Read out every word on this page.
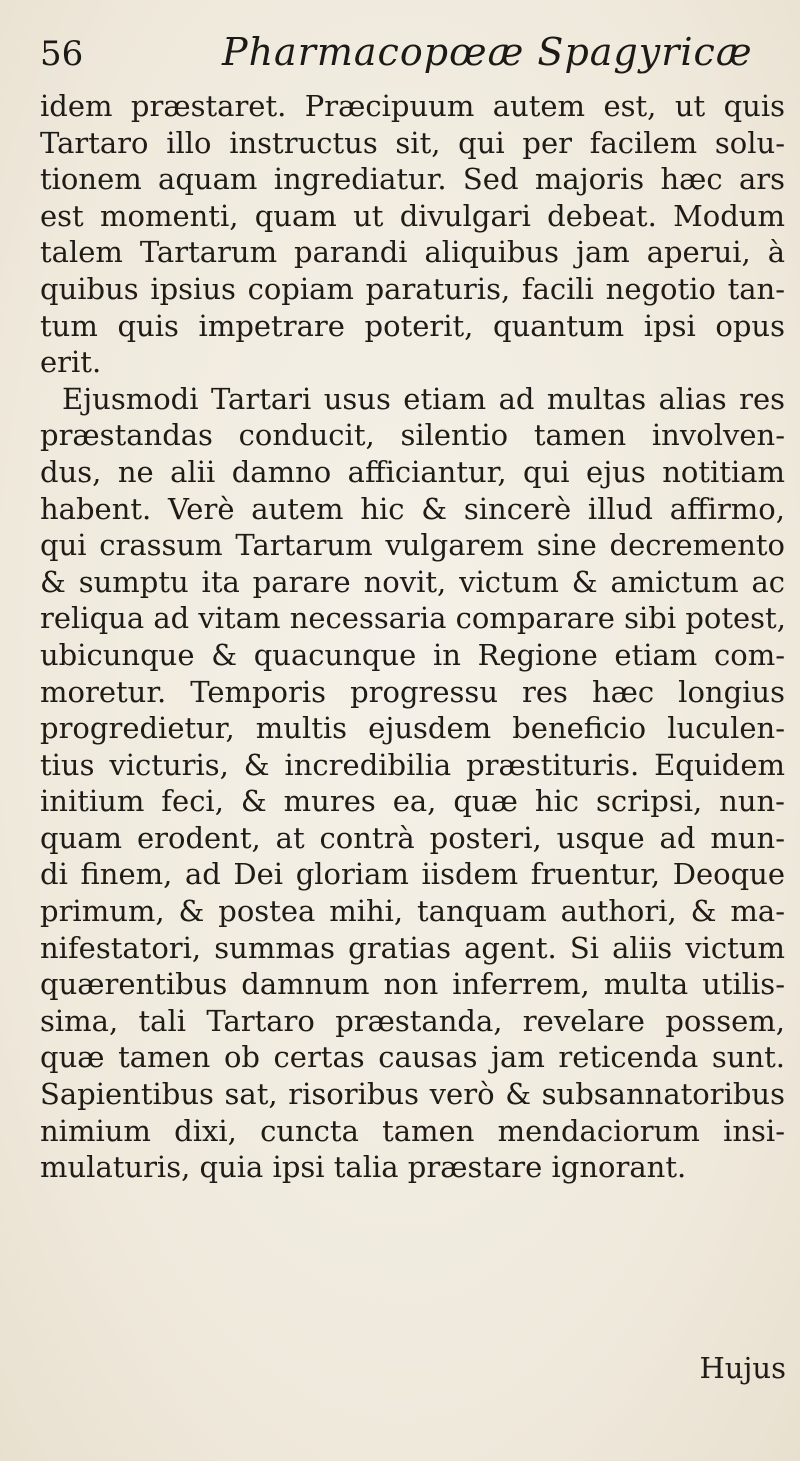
56	Pharmacopœæ Spagyricæ
idem præstaret. Præcipuum autem est, ut quis
Tartaro illo instructus sit, qui per facilem solu-
tionem aquam ingrediatur. Sed majoris hæc ars
est momenti, quam ut divulgari debeat. Modum
talem Tartarum parandi aliquibus jam aperui, à
quibus ipsius copiam paraturis, facili negotio tan-
tum quis impetrare poterit, quantum ipsi opus
erit.
Ejusmodi Tartari usus etiam ad multas alias res
præstandas conducit, silentio tamen involven-
dus, ne alii damno afficiantur, qui ejus notitiam
habent. Verè autem hic & sincerè illud affirmo,
qui crassum Tartarum vulgarem sine decremento
& sumptu ita parare novit, victum & amictum ac
reliqua ad vitam necessaria comparare sibi potest,
ubicunque & quacunque in Regione etiam com-
moretur. Temporis progressu res hæc longius
progredietur, multis ejusdem beneficio luculen-
tius victuris, & incredibilia præstituris. Equidem
initium feci, & mures ea, quæ hic scripsi, nun-
quam erodent, at contrà posteri, usque ad mun-
di finem, ad Dei gloriam iisdem fruentur, Deoque
primum, & postea mihi, tanquam authori, & ma-
nifestatori, summas gratias agent. Si aliis victum
quærentibus damnum non inferrem, multa utilis-
sima, tali Tartaro præstanda, revelare possem,
quæ tamen ob certas causas jam reticenda sunt.
Sapientibus sat, risoribus verò & subsannatoribus
nimium dixi, cuncta tamen mendaciorum insi-
mulaturis, quia ipsi talia præstare ignorant.
Hujus
